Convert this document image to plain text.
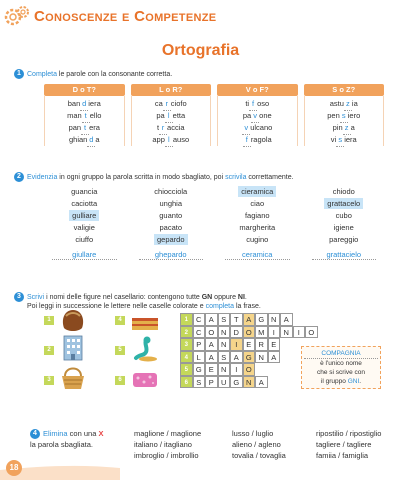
Conoscenze e Competenze
Ortografia
1 Completa le parole con la consonante corretta.
D o T?
ban d iera
man t ello
pan t era
ghian d a
L o R?
ca r ciofo
pa l etta
t r accia
app l auso
V o F?
ti f oso
pa v one
v ulcano
f ragola
S o Z?
astu z ia
pen s iero
pin z a
vi s iera
2 Evidenzia in ogni gruppo la parola scritta in modo sbagliato, poi scrivila correttamente.
guancia
caciotta
gulliare
valigie
ciuffo
giullare
chiocciola
unghia
guanto
pacato
gepardo
ghepardo
cieramica
ciao
fagiano
margherita
cugino
ceramica
chiodo
grattacelo
cubo
igiene
pareggio
grattacielo
3 Scrivi i nomi delle figure nel casellario: contengono tutte GN oppure NI.
Poi leggi in successione le lettere nelle caselle colorate e completa la frase.
1	4
2	5
3	6
1	C A S	T	A G N A
2	C O N D O M	I	N	I	O
3	P A N	I	E R E
4	L	A S A G N A
5	G E N	I	O
6	S P U G N A
COMPAGNIA
è l'unico nome
che si scrive con
il gruppo GNI.
4 Elimina con una X la parola sbagliata.
maglione / maglione
italiano / itagliano
imbroglio / imbrollio
lusso / luglio
alieno / agleno
tovalia / tovaglia
ripostilio / ripostiglio
tagliere / tagliere
famiia / famiglia
18
